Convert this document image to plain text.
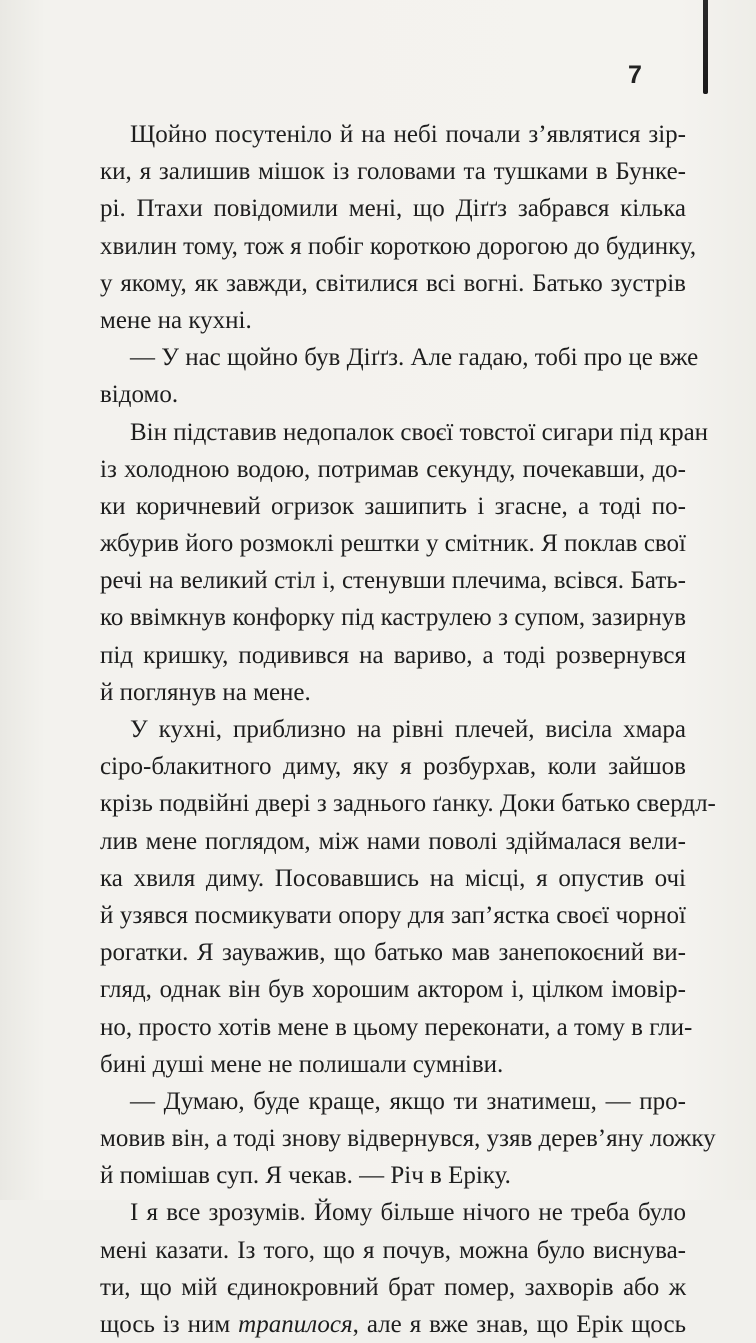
7
Щойно посутеніло й на небі почали з’являтися зір-
ки, я залишив мішок із головами та тушками в Бунке-
рі. Птахи повідомили мені, що Діґґз забрався кілька
хвилин тому, тож я побіг короткою дорогою до будинку,
у якому, як завжди, світилися всі вогні. Батько зустрів
мене на кухні.
— У нас щойно був Діґґз. Але гадаю, тобі про це вже
відомо.
Він підставив недопалок своєї товстої сигари під кран
із холодною водою, потримав секунду, почекавши, до-
ки коричневий огризок зашипить і згасне, а тоді по-
жбурив його розмоклі рештки у смітник. Я поклав свої
речі на великий стіл і, стенувши плечима, всівся. Бать-
ко ввімкнув конфорку під каструлею з супом, зазирнув
під кришку, подивився на вариво, а тоді розвернувся
й поглянув на мене.
У кухні, приблизно на рівні плечей, висіла хмара
сіро-блакитного диму, яку я розбурхав, коли зайшов
крізь подвійні двері з заднього ґанку. Доки батько свердл-
лив мене поглядом, між нами поволі здіймалася вели-
ка хвиля диму. Посовавшись на місці, я опустив очі
й узявся посмикувати опору для зап’ястка своєї чорної
рогатки. Я зауважив, що батько мав занепокоєний ви-
гляд, однак він був хорошим актором і, цілком імовір-
но, просто хотів мене в цьому переконати, а тому в гли-
бині душі мене не полишали сумніви.
— Думаю, буде краще, якщо ти знатимеш, — про-
мовив він, а тоді знову відвернувся, узяв дерев’яну ложку
й помішав суп. Я чекав. — Річ в Еріку.
І я все зрозумів. Йому більше нічого не треба було
мені казати. Із того, що я почув, можна було виснува-
ти, що мій єдинокровний брат помер, захворів або ж
щось із ним трапилося, але я вже знав, що Ерік щось
